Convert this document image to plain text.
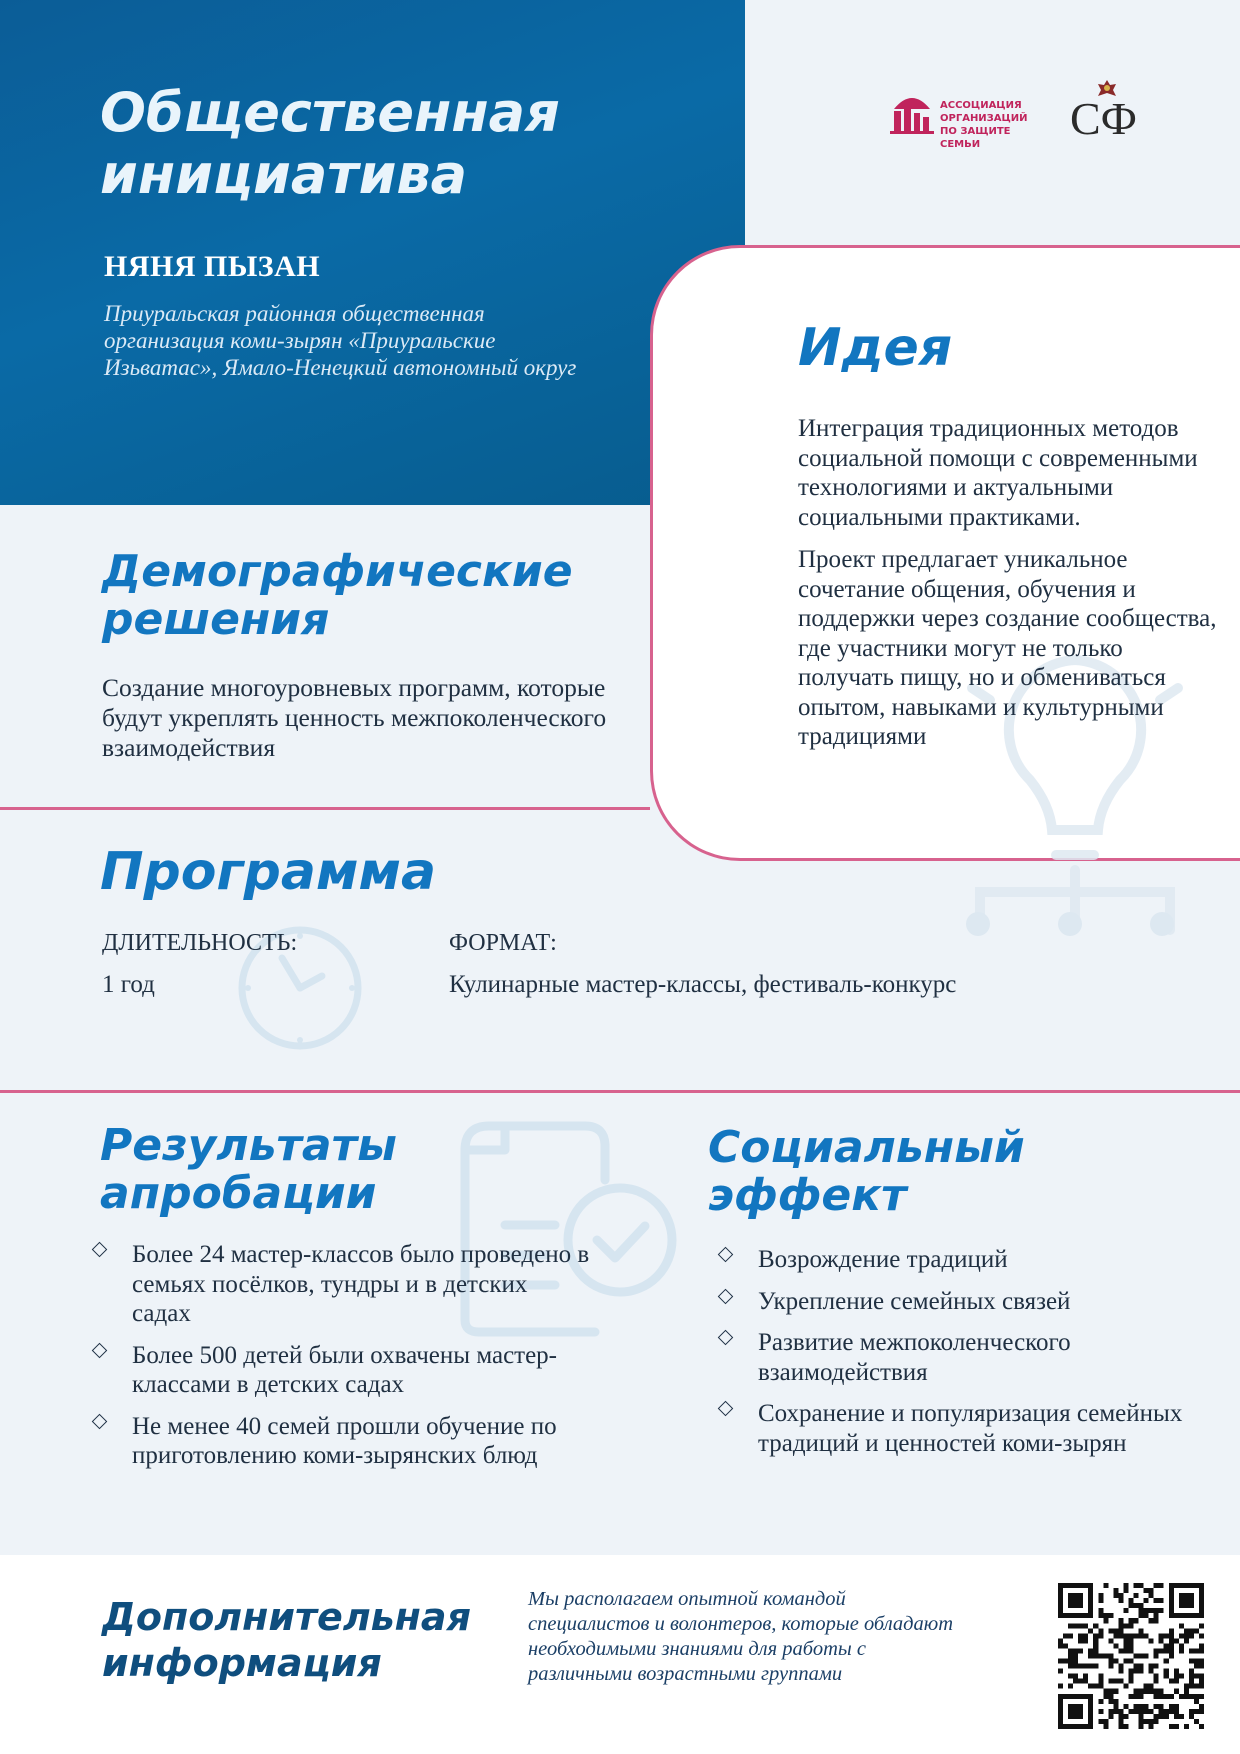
Общественная инициатива
НЯНЯ ПЫЗАН
Приуральская районная общественная организация коми-зырян «Приуральские Изьватас», Ямало-Ненецкий автономный округ
АССОЦИАЦИЯ
ОРГАНИЗАЦИЙ
ПО ЗАЩИТЕ СЕМЬИ
СФ
Идея

Интеграция традиционных методов социальной помощи с современными технологиями и актуальными социальными практиками.

Проект предлагает уникальное сочетание общения, обучения и поддержки через создание сообщества, где участники могут не только получать пищу, но и обмениваться опытом, навыками и культурными традициями

Демографические решения
Создание многоуровневых программ, которые будут укреплять ценность межпоколенческого взаимодействия
Программа
ДЛИТЕЛЬНОСТЬ:
1 год
ФОРМАТ:
Кулинарные мастер-классы, фестиваль-конкурс
Результаты апробации
Более 24 мастер-классов было проведено в семьях посёлков, тундры и в детских садах
Более 500 детей были охвачены мастер-классами в детских садах
Не менее 40 семей прошли обучение по приготовлению коми-зырянских блюд
Социальный эффект
Возрождение традиций
Укрепление семейных связей
Развитие межпоколенческого взаимодействия
Сохранение и популяризация семейных традиций и ценностей коми-зырян
Дополнительная информация
Мы располагаем опытной командой специалистов и волонтеров, которые обладают необходимыми знаниями для работы с различными возрастными группами
